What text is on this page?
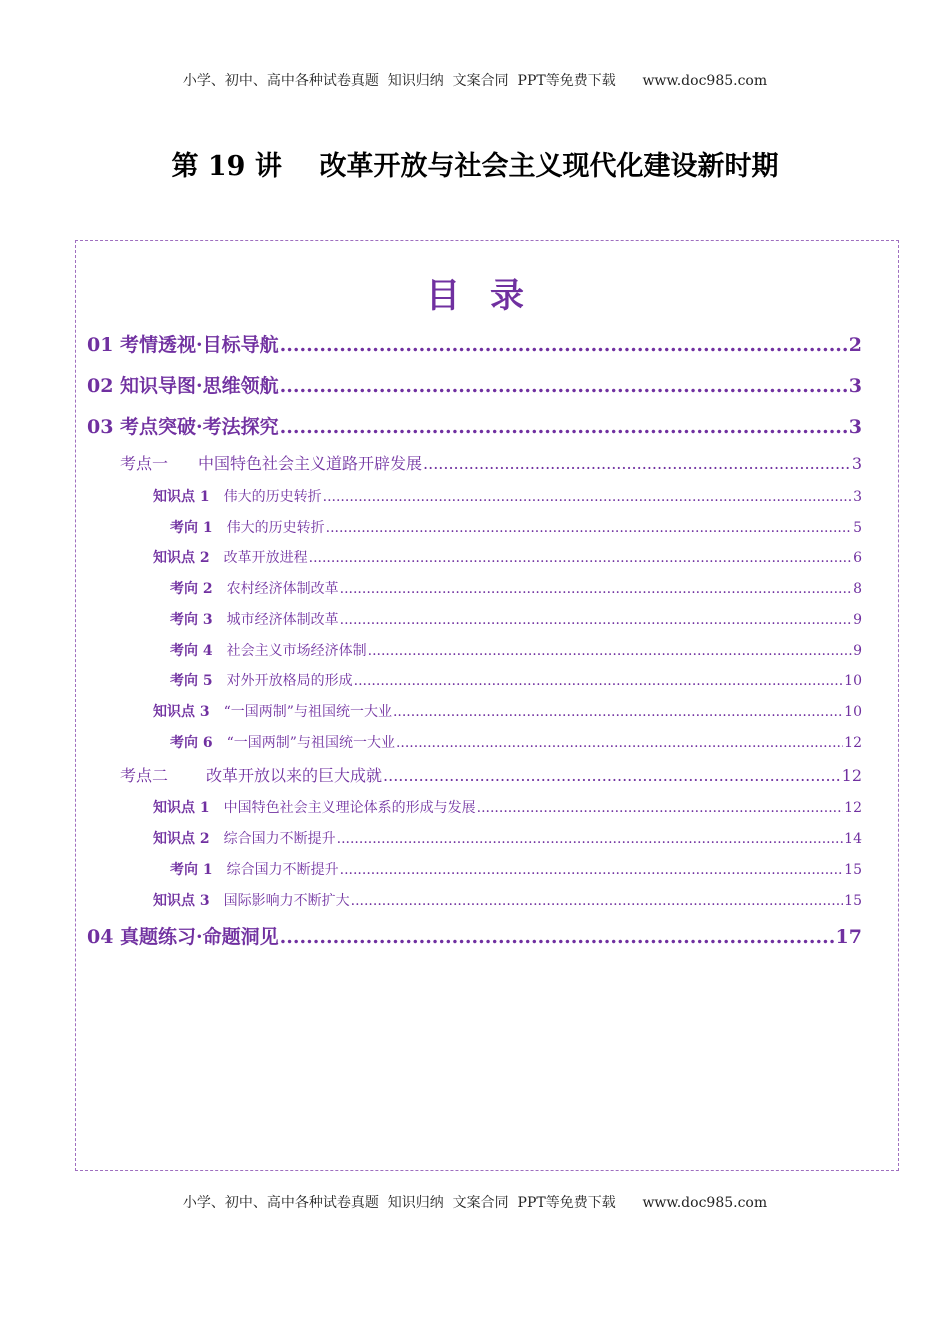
小学、初中、高中各种试卷真题  知识归纳  文案合同  PPT等免费下载      www.doc985.com
第 19 讲    改革开放与社会主义现代化建设新时期
目录
01 考情透视·目标导航 .....	2
02 知识导图·思维领航 .....	3
03 考点突破·考法探究 .....	3
考点一 中国特色社会主义道路开辟发展 .....	3
知识点 1 伟大的历史转折 .....	3
考向 1 伟大的历史转折 .....	5
知识点 2 改革开放进程 .....	6
考向 2 农村经济体制改革 .....	8
考向 3 城市经济体制改革 .....	9
考向 4 社会主义市场经济体制 .....	9
考向 5 对外开放格局的形成 .....	10
知识点 3 “一国两制”与祖国统一大业 .....	10
考向 6 “一国两制”与祖国统一大业 .....	12
考点二 改革开放以来的巨大成就 .....	12
知识点 1 中国特色社会主义理论体系的形成与发展 .....	12
知识点 2 综合国力不断提升 .....	14
考向 1 综合国力不断提升 .....	15
知识点 3 国际影响力不断扩大 .....	15
04 真题练习·命题洞见 .....	17
小学、初中、高中各种试卷真题  知识归纳  文案合同  PPT等免费下载      www.doc985.com
